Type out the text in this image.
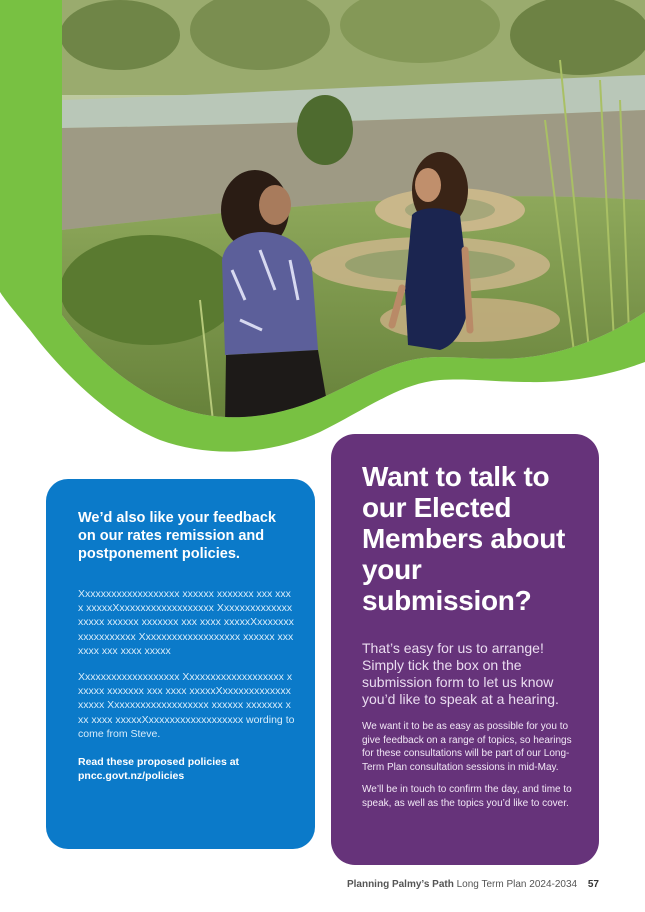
We’d also like your feedback on our rates remission and postponement policies.

Xxxxxxxxxxxxxxxxxxx xxxxxx xxxxxxx xxx xxxx xxxxxXxxxxxxxxxxxxxxxxxx Xxxxxxxxxxxxxxxxxxx xxxxxx xxxxxxx xxx xxxx xxxxxXxxxxxxxxxxxxxxxxxx Xxxxxxxxxxxxxxxxxxx xxxxxx xxxxxxx xxx xxxx xxxxx

Xxxxxxxxxxxxxxxxxxx Xxxxxxxxxxxxxxxxxxx xxxxxx xxxxxxx xxx xxxx xxxxxXxxxxxxxxxxxxxxxxxx Xxxxxxxxxxxxxxxxxxx xxxxxx xxxxxxx xxx xxxx xxxxxXxxxxxxxxxxxxxxxxxx wording to come from Steve.

Read these proposed policies at pncc.govt.nz/policies

Want to talk to our Elected Members about your submission?

That’s easy for us to arrange! Simply tick the box on the submission form to let us know you’d like to speak at a hearing.

We want it to be as easy as possible for you to give feedback on a range of topics, so hearings for these consultations will be part of our Long-Term Plan consultation sessions in mid-May.

We’ll be in touch to confirm the day, and time to speak, as well as the topics you’d like to cover.

Planning Palmy’s Path Long Term Plan 2024-2034 57
